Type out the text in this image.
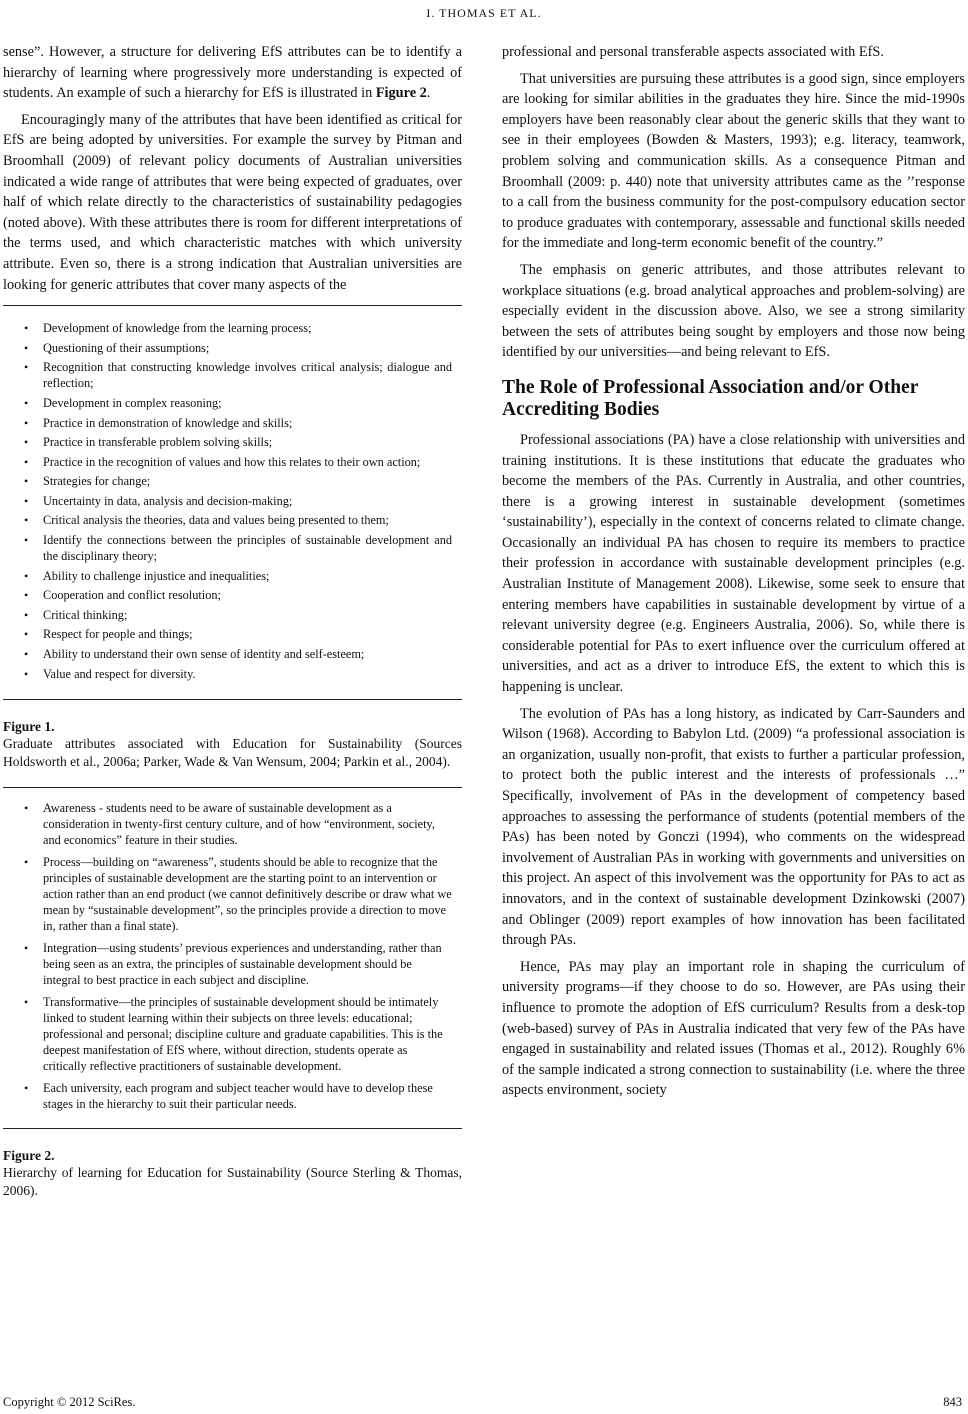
I. THOMAS ET AL.

sense”. However, a structure for delivering EfS attributes can be to identify a hierarchy of learning where progressively more understanding is expected of students. An example of such a hierarchy for EfS is illustrated in Figure 2.

Encouragingly many of the attributes that have been identified as critical for EfS are being adopted by universities. For example the survey by Pitman and Broomhall (2009) of relevant policy documents of Australian universities indicated a wide range of attributes that were being expected of graduates, over half of which relate directly to the characteristics of sustainability pedagogies (noted above). With these attributes there is room for different interpretations of the terms used, and which characteristic matches with which university attribute. Even so, there is a strong indication that Australian universities are looking for generic attributes that cover many aspects of the

• Development of knowledge from the learning process;
• Questioning of their assumptions;
• Recognition that constructing knowledge involves critical analysis; dialogue and reflection;
• Development in complex reasoning;
• Practice in demonstration of knowledge and skills;
• Practice in transferable problem solving skills;
• Practice in the recognition of values and how this relates to their own action;
• Strategies for change;
• Uncertainty in data, analysis and decision-making;
• Critical analysis the theories, data and values being presented to them;
• Identify the connections between the principles of sustainable development and the disciplinary theory;
• Ability to challenge injustice and inequalities;
• Cooperation and conflict resolution;
• Critical thinking;
• Respect for people and things;
• Ability to understand their own sense of identity and self-esteem;
• Value and respect for diversity.
Figure 1.
Graduate attributes associated with Education for Sustainability (Sources Holdsworth et al., 2006a; Parker, Wade & Van Wensum, 2004; Parkin et al., 2004).
• Awareness - students need to be aware of sustainable development as a consideration in twenty-first century culture, and of how “environment, society, and economics” feature in their studies.
• Process—building on “awareness”, students should be able to recognize that the principles of sustainable development are the starting point to an intervention or action rather than an end product (we cannot definitively describe or draw what we mean by “sustainable development”, so the principles provide a direction to move in, rather than a final state).
• Integration—using students’ previous experiences and understanding, rather than being seen as an extra, the principles of sustainable development should be integral to best practice in each subject and discipline.
• Transformative—the principles of sustainable development should be intimately linked to student learning within their subjects on three levels: educational; professional and personal; discipline culture and graduate capabilities. This is the deepest manifestation of EfS where, without direction, students operate as critically reflective practitioners of sustainable development.
• Each university, each program and subject teacher would have to develop these stages in the hierarchy to suit their particular needs.
Figure 2.
Hierarchy of learning for Education for Sustainability (Source Sterling & Thomas, 2006).

professional and personal transferable aspects associated with EfS.

That universities are pursuing these attributes is a good sign, since employers are looking for similar abilities in the graduates they hire. Since the mid-1990s employers have been reasonably clear about the generic skills that they want to see in their employees (Bowden & Masters, 1993); e.g. literacy, teamwork, problem solving and communication skills. As a consequence Pitman and Broomhall (2009: p. 440) note that university attributes came as the ’’response to a call from the business community for the post-compulsory education sector to produce graduates with contemporary, assessable and functional skills needed for the immediate and long-term economic benefit of the country.”

The emphasis on generic attributes, and those attributes relevant to workplace situations (e.g. broad analytical approaches and problem-solving) are especially evident in the discussion above. Also, we see a strong similarity between the sets of attributes being sought by employers and those now being identified by our universities—and being relevant to EfS.

The Role of Professional Association and/or Other Accrediting Bodies

Professional associations (PA) have a close relationship with universities and training institutions. It is these institutions that educate the graduates who become the members of the PAs. Currently in Australia, and other countries, there is a growing interest in sustainable development (sometimes ‘sustainability’), especially in the context of concerns related to climate change. Occasionally an individual PA has chosen to require its members to practice their profession in accordance with sustainable development principles (e.g. Australian Institute of Management 2008). Likewise, some seek to ensure that entering members have capabilities in sustainable development by virtue of a relevant university degree (e.g. Engineers Australia, 2006). So, while there is considerable potential for PAs to exert influence over the curriculum offered at universities, and act as a driver to introduce EfS, the extent to which this is happening is unclear.

The evolution of PAs has a long history, as indicated by Carr-Saunders and Wilson (1968). According to Babylon Ltd. (2009) “a professional association is an organization, usually non-profit, that exists to further a particular profession, to protect both the public interest and the interests of professionals …” Specifically, involvement of PAs in the development of competency based approaches to assessing the performance of students (potential members of the PAs) has been noted by Gonczi (1994), who comments on the widespread involvement of Australian PAs in working with governments and universities on this project. An aspect of this involvement was the opportunity for PAs to act as innovators, and in the context of sustainable development Dzinkowski (2007) and Oblinger (2009) report examples of how innovation has been facilitated through PAs.

Hence, PAs may play an important role in shaping the curriculum of university programs—if they choose to do so. However, are PAs using their influence to promote the adoption of EfS curriculum? Results from a desk-top (web-based) survey of PAs in Australia indicated that very few of the PAs have engaged in sustainability and related issues (Thomas et al., 2012). Roughly 6% of the sample indicated a strong connection to sustainability (i.e. where the three aspects environment, society

Copyright © 2012 SciRes.	843
